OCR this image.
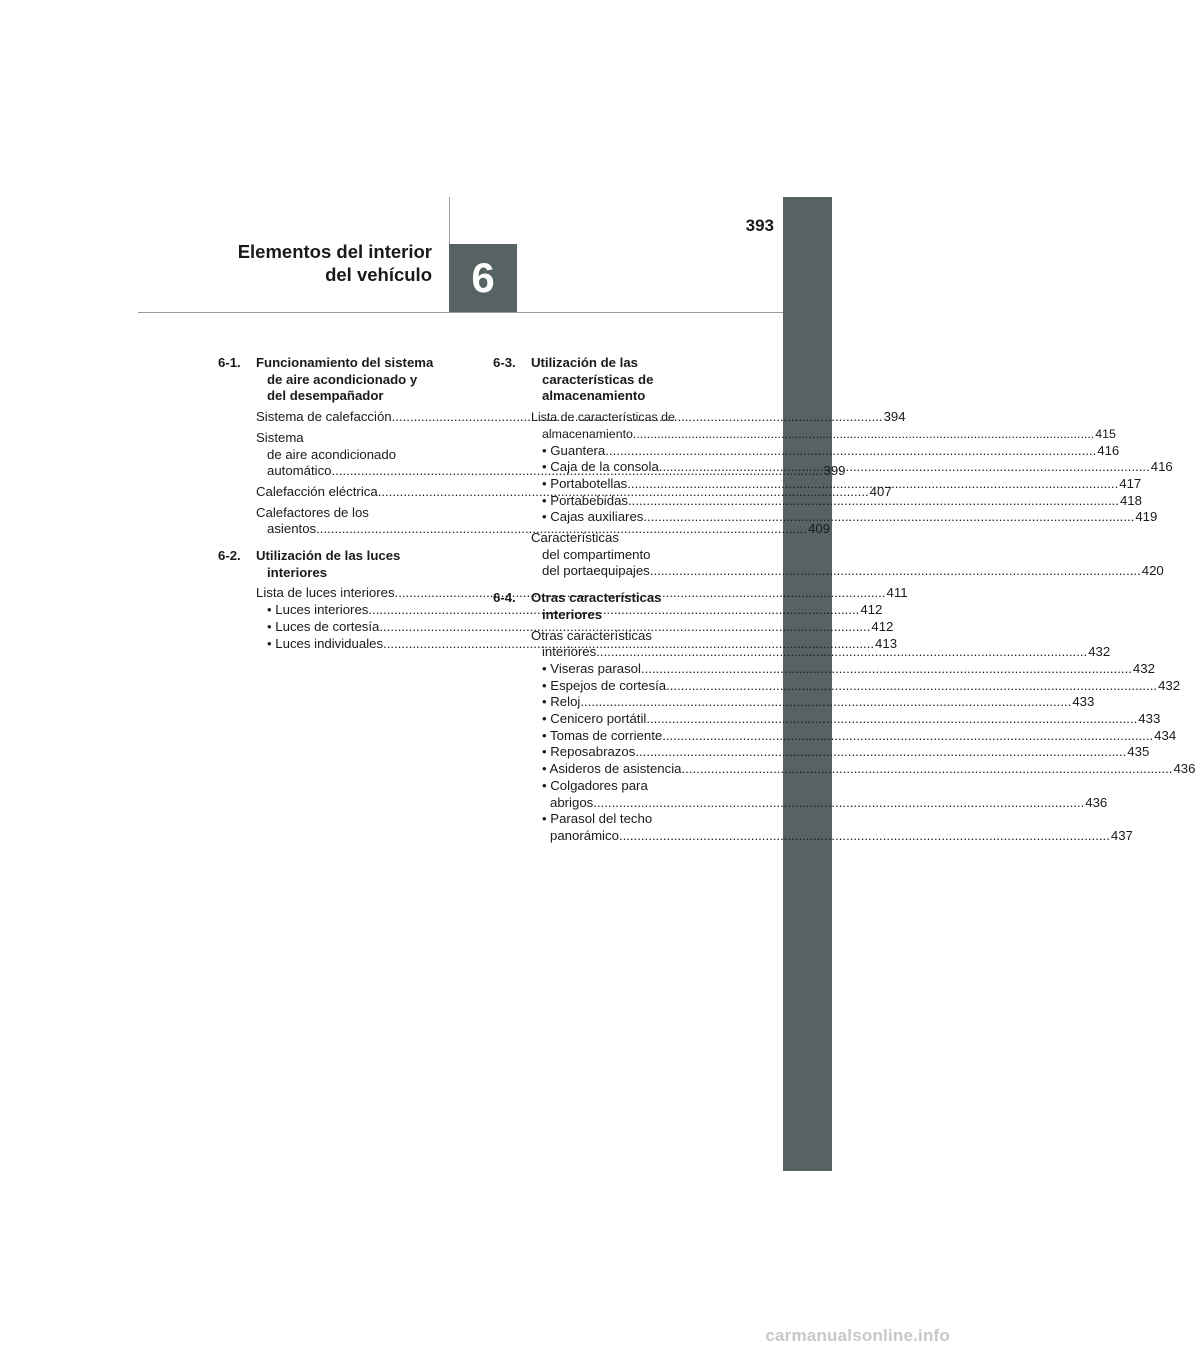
6
393
Elementos del interior
del vehículo
6-1.	Funcionamiento del sistema
de aire acondicionado y
del desempañador
Sistema de calefacción .....	394
Sistema
de aire acondicionado
automático .....	399
Calefacción eléctrica .....	407
Calefactores de los
asientos .....	409
6-2.	Utilización de las luces
interiores
Lista de luces interiores .....	411
• Luces interiores .....	412
• Luces de cortesía .....	412
• Luces individuales .....	413
6-3.	Utilización de las
características de
almacenamiento
Lista de características de
almacenamiento .....	415
• Guantera .....	416
• Caja de la consola .....	416
• Portabotellas .....	417
• Portabebidas .....	418
• Cajas auxiliares .....	419
Características
del compartimento
del portaequipajes .....	420
6-4.	Otras características
interiores
Otras características
interiores .....	432
• Viseras parasol .....	432
• Espejos de cortesía .....	432
• Reloj .....	433
• Cenicero portátil .....	433
• Tomas de corriente .....	434
• Reposabrazos .....	435
• Asideros de asistencia .....	436
• Colgadores para
abrigos .....	436
• Parasol del techo
panorámico .....	437
carmanualsonline.info
